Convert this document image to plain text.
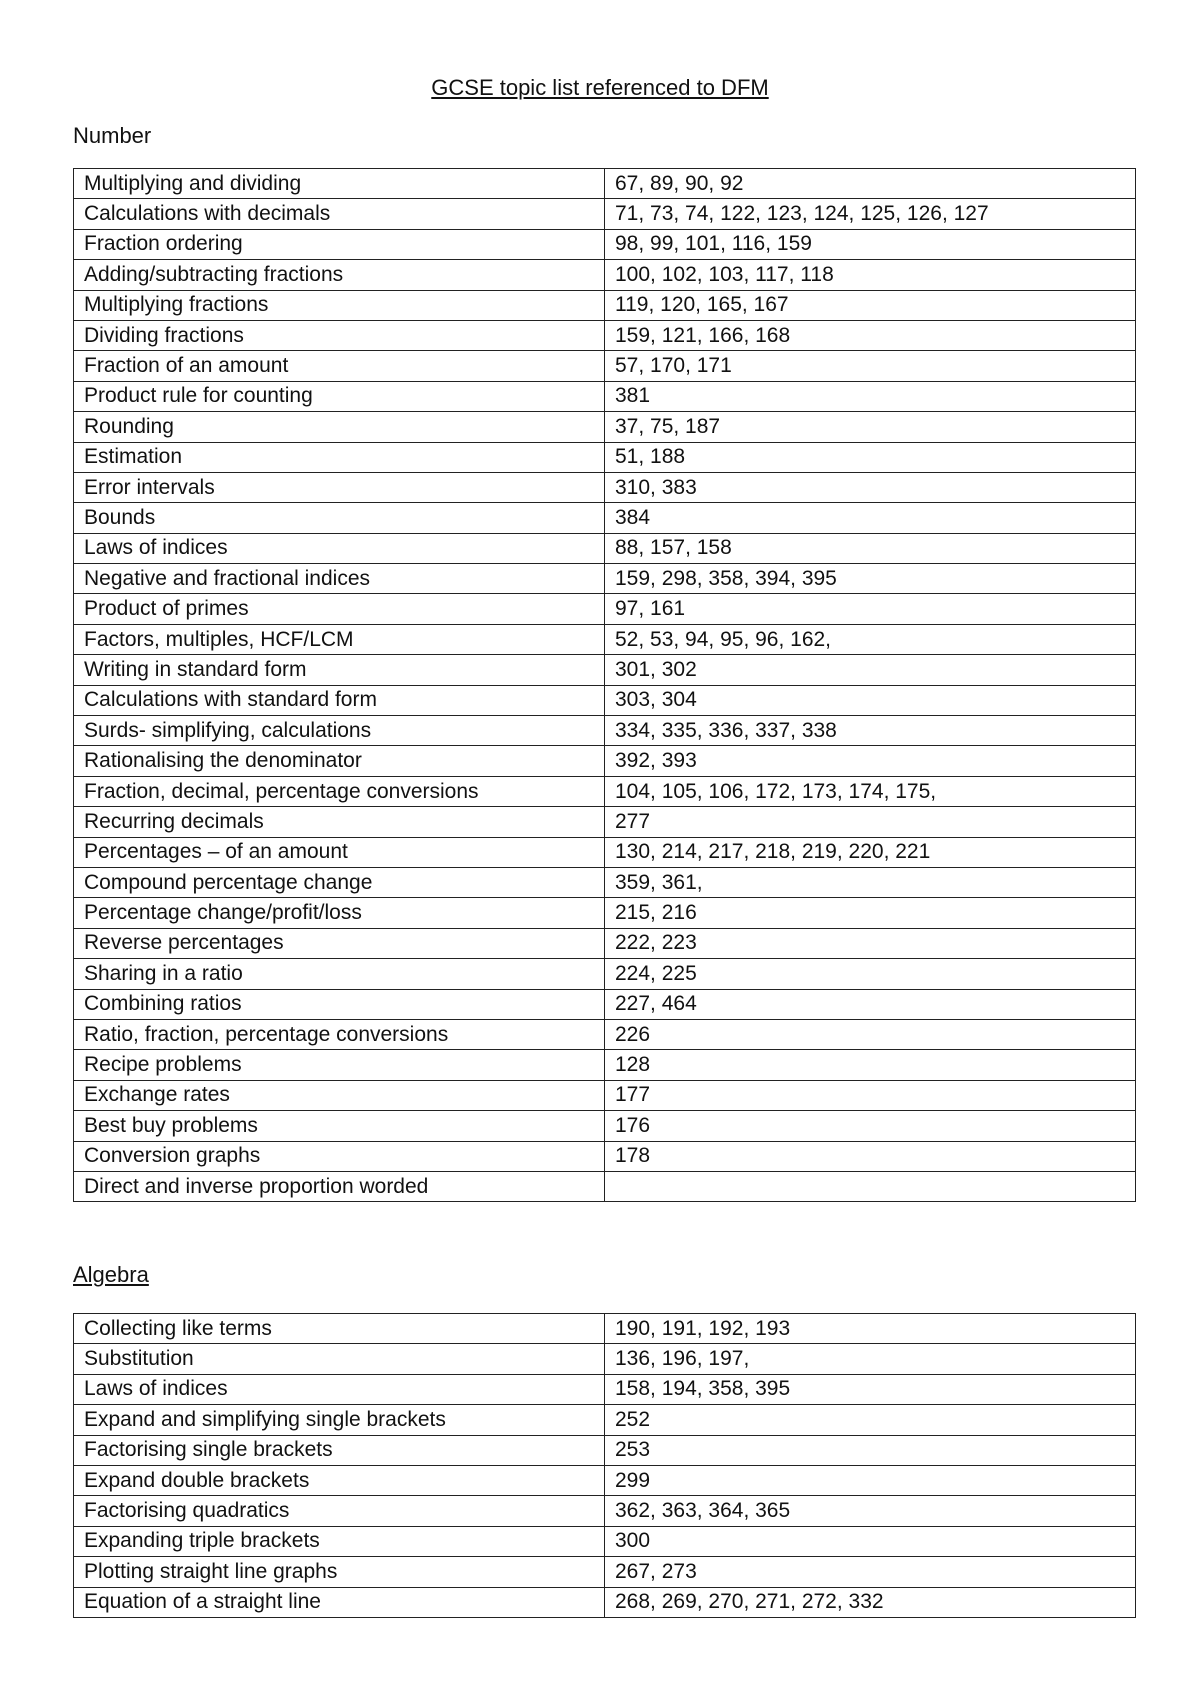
GCSE topic list referenced to DFM
Number
Multiplying and dividing	67, 89, 90, 92
Calculations with decimals	71, 73, 74, 122, 123, 124, 125, 126, 127
Fraction ordering	98, 99, 101, 116, 159
Adding/subtracting fractions	100, 102, 103, 117, 118
Multiplying fractions	119, 120, 165, 167
Dividing fractions	159, 121, 166, 168
Fraction of an amount	57, 170, 171
Product rule for counting	381
Rounding	37, 75, 187
Estimation	51, 188
Error intervals	310, 383
Bounds	384
Laws of indices	88, 157, 158
Negative and fractional indices	159, 298, 358, 394, 395
Product of primes	97, 161
Factors, multiples, HCF/LCM	52, 53, 94, 95, 96, 162,
Writing in standard form	301, 302
Calculations with standard form	303, 304
Surds- simplifying, calculations	334, 335, 336, 337, 338
Rationalising the denominator	392, 393
Fraction, decimal, percentage conversions	104, 105, 106, 172, 173, 174, 175,
Recurring decimals	277
Percentages – of an amount	130, 214, 217, 218, 219, 220, 221
Compound percentage change	359, 361,
Percentage change/profit/loss	215, 216
Reverse percentages	222, 223
Sharing in a ratio	224, 225
Combining ratios	227, 464
Ratio, fraction, percentage conversions	226
Recipe problems	128
Exchange rates	177
Best buy problems	176
Conversion graphs	178
Direct and inverse proportion worded	
Algebra
Collecting like terms	190, 191, 192, 193
Substitution	136, 196, 197,
Laws of indices	158, 194, 358, 395
Expand and simplifying single brackets	252
Factorising single brackets	253
Expand double brackets	299
Factorising quadratics	362, 363, 364, 365
Expanding triple brackets	300
Plotting straight line graphs	267, 273
Equation of a straight line	268, 269, 270, 271, 272, 332
